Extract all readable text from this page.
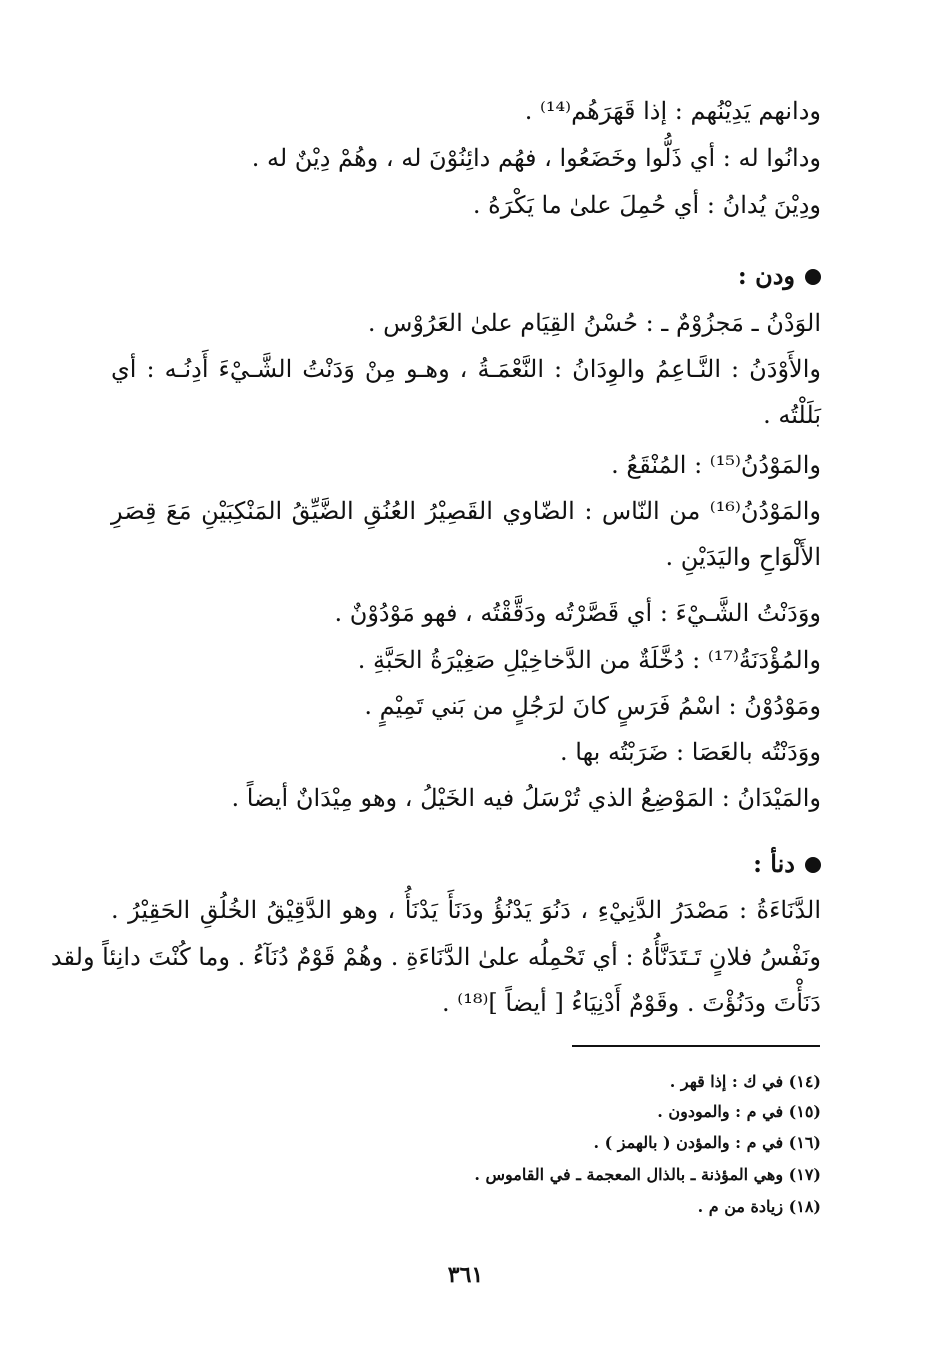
ودانهم يَدِيْنُهم : إذا قَهَرَهُم⁽¹⁴⁾ .
ودانُوا له : أي ذَلُّوا وخَضَعُوا ، فهُم دائِنُوْنَ له ، وهُمْ دِيْنٌ له .
ودِيْنَ يُدانُ : أي حُمِلَ علىٰ ما يَكْرَهُ .
ودن :
الوَدْنُ ـ مَجزُوْمٌ ـ : حُسْنُ القِيَام علىٰ العَرُوْس .
والأَوْدَنُ : النَّـاعِمُ والوِدَانُ : النَّعْمَـةُ ، وهـو مِنْ وَدَنْتُ الشَّـيْءَ أَدِنُـه : أي
بَلَلْتُه .
والمَوْدُنُ⁽¹⁵⁾ : المُنْقَعُ .
والمَوْدُنُ⁽¹⁶⁾ من النّاس : الضّاوي القَصِيْرُ العُنُقِ الضَّيِّقُ المَنْكِبَيْنِ مَعَ قِصَرِ
الأَلْوَاحِ واليَدَيْنِ .
ووَدَنْتُ الشَّـيْءَ : أي قَصَّرْتُه ودَقَّقْتُه ، فهو مَوْدُوْنٌ .
والمُؤْدَنَةُ⁽¹⁷⁾ : دُخَّلَةٌ من الدَّخاخِيْلِ صَغِيْرَةُ الحَبَّةِ .
ومَوْدُوْنُ : اسْمُ فَرَسٍ كانَ لرَجُلٍ من بَني تَمِيْمٍ .
ووَدَنْتُه بالعَصَا : ضَرَبْتُه بها .
والمَيْدَانُ : المَوْضِعُ الذي تُرْسَلُ فيه الخَيْلُ ، وهو مِيْدَانٌ أيضاً .
دنأ :
الدَّنَاءَةُ : مَصْدَرُ الدَّنِيْءِ ، دَنُوَ يَدْنُؤُ ودَنَأَ يَدْنَأُ ، وهو الدَّقِيْقُ الخُلُقِ الحَقِيْرُ .
ونَفْسُ فلانٍ تَـتَدَنَّأُهُ : أي تَحْمِلُه علىٰ الدَّنَاءَةِ . وهُمْ قَوْمٌ دُنَآءُ . وما كُنْتَ دانِئاً ولقد
دَنَأْتَ ودَنُؤْتَ . وقَوْمٌ أَدْنِيَاءُ [ أيضاً ]⁽¹⁸⁾ .
(١٤) في ك : إذا قهر .
(١٥) في م : والمودون .
(١٦) في م : والمؤدن ( بالهمز ) .
(١٧) وهي المؤذنة ـ بالذال المعجمة ـ في القاموس .
(١٨) زيادة من م .
٣٦١
